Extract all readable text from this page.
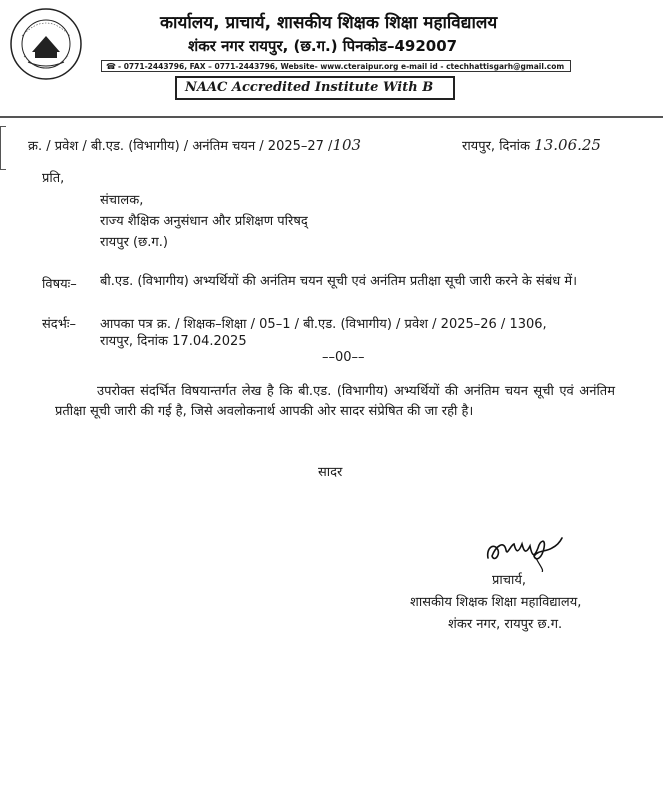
कार्यालय, प्राचार्य, शासकीय शिक्षक शिक्षा महाविद्यालय
शंकर नगर रायपुर, (छ.ग.) पिनकोड–492007
☎ - 0771-2443796, FAX – 0771-2443796, Website- www.cteraipur.org e-mail id - ctechhattisgarh@gmail.com
NAAC Accredited Institute With B
क्र. / प्रवेश / बी.एड. (विभागीय) / अनंतिम चयन / 2025–27 /103	रायपुर, दिनांक 13.06.25
प्रति,
संचालक,
राज्य शैक्षिक अनुसंधान और प्रशिक्षण परिषद्
रायपुर (छ.ग.)
विषयः– बी.एड. (विभागीय) अभ्यर्थियों की अनंतिम चयन सूची एवं अनंतिम प्रतीक्षा सूची जारी करने के संबंध में।
संदर्भः– आपका पत्र क्र. / शिक्षक–शिक्षा / 05–1 / बी.एड. (विभागीय) / प्रवेश / 2025–26 / 1306,
रायपुर, दिनांक 17.04.2025
––00––
उपरोक्त संदर्भित विषयान्तर्गत लेख है कि बी.एड. (विभागीय) अभ्यर्थियों की अनंतिम चयन सूची एवं अनंतिम प्रतीक्षा सूची जारी की गई है, जिसे अवलोकनार्थ आपकी ओर सादर संप्रेषित की जा रही है।
सादर
प्राचार्य,
शासकीय शिक्षक शिक्षा महाविद्यालय,
शंकर नगर, रायपुर छ.ग.
